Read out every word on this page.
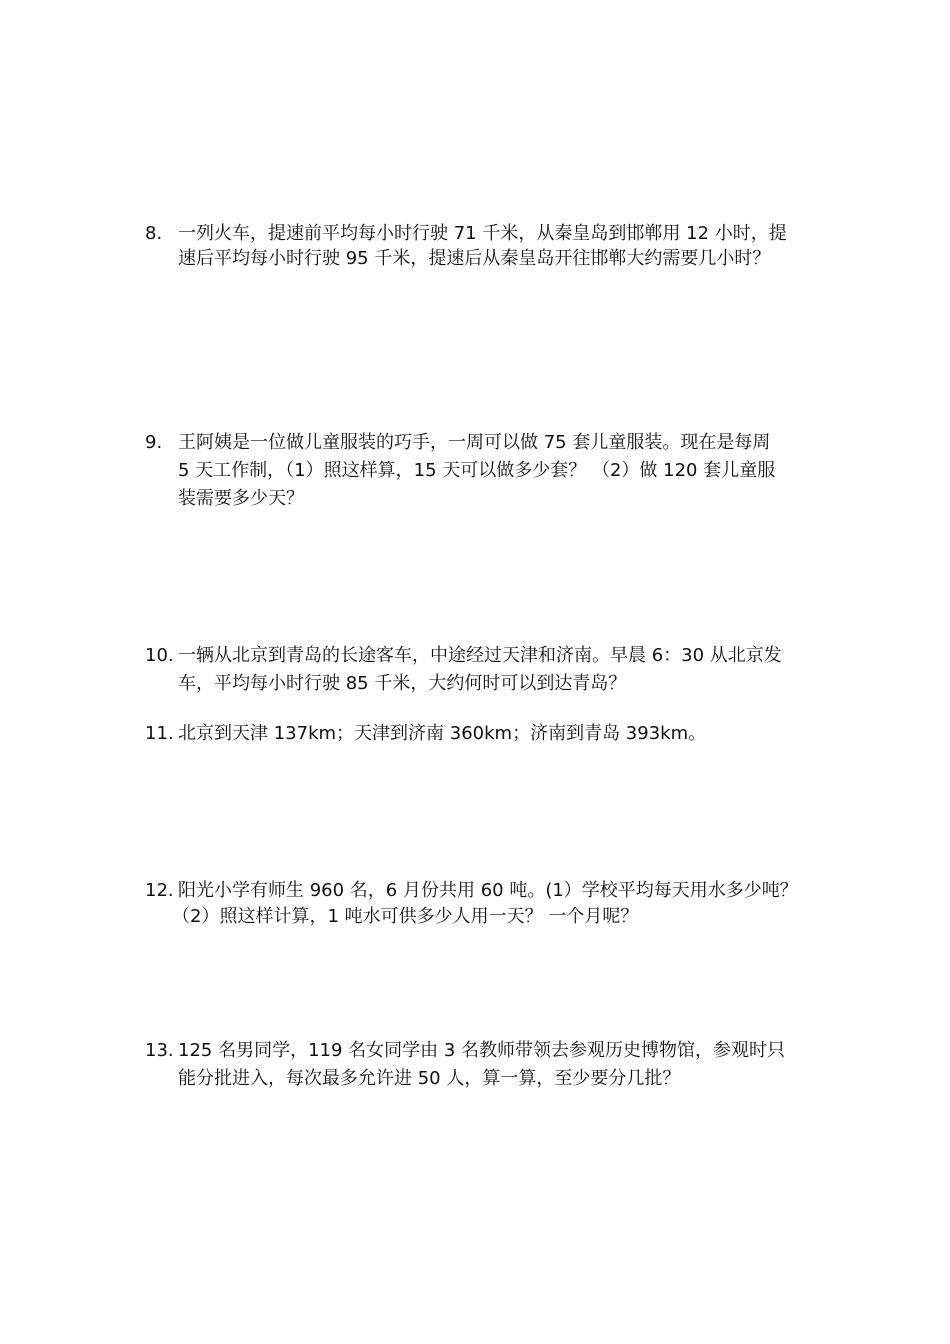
8. 一列火车，提速前平均每小时行驶 71 千米，从秦皇岛到邯郸用 12 小时，提
速后平均每小时行驶 95 千米，提速后从秦皇岛开往邯郸大约需要几小时？
9. 王阿姨是一位做儿童服装的巧手，一周可以做 75 套儿童服装。现在是每周
5 天工作制，（1）照这样算，15 天可以做多少套？ （2）做 120 套儿童服
装需要多少天？
10. 一辆从北京到青岛的长途客车，中途经过天津和济南。早晨 6：30 从北京发
车，平均每小时行驶 85 千米，大约何时可以到达青岛？
11. 北京到天津 137km；天津到济南 360km；济南到青岛 393km。
12. 阳光小学有师生 960 名，6 月份共用 60 吨。(1）学校平均每天用水多少吨？
（2）照这样计算，1 吨水可供多少人用一天？ 一个月呢？
13. 125 名男同学，119 名女同学由 3 名教师带领去参观历史博物馆，参观时只
能分批进入，每次最多允许进 50 人，算一算，至少要分几批？
